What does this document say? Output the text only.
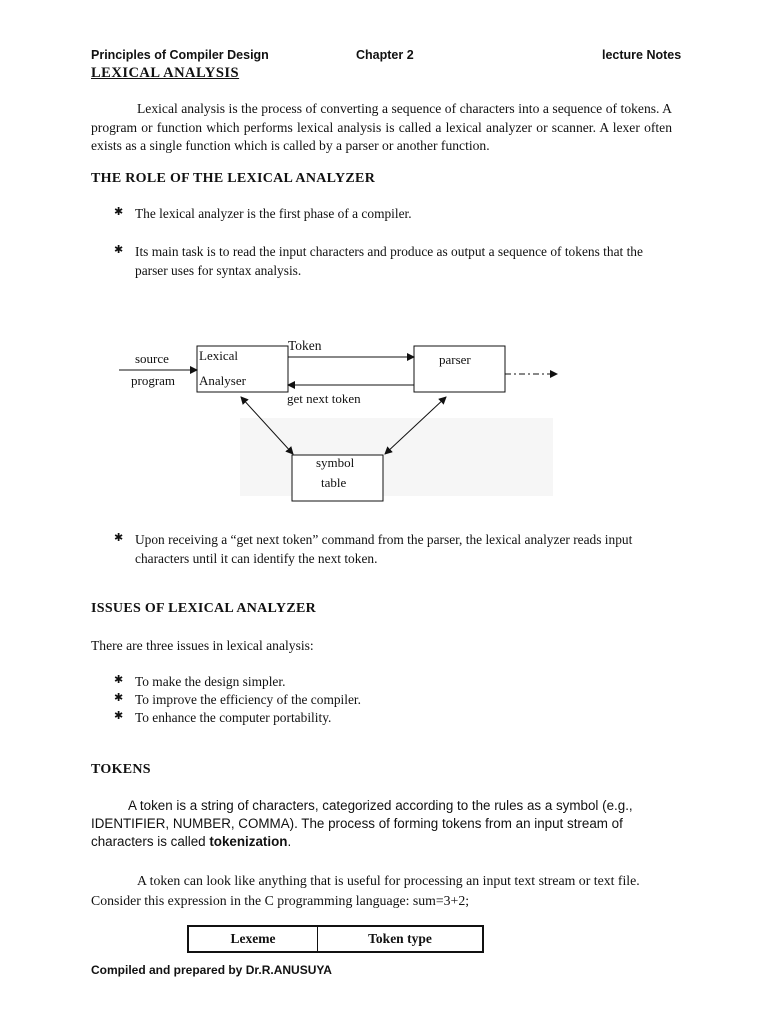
Principles of Compiler Design	Chapter 2	lecture Notes
LEXICAL ANALYSIS
Lexical analysis is the process of converting a sequence of characters into a sequence of tokens. A program or function which performs lexical analysis is called a lexical analyzer or scanner. A lexer often exists as a single function which is called by a parser or another function.
THE ROLE OF THE LEXICAL ANALYZER
✱ The lexical analyzer is the first phase of a compiler.
✱ Its main task is to read the input characters and produce as output a sequence of tokens that the parser uses for syntax analysis.
source
program
Lexical
Analyser
Token
get next token
parser
symbol
table
✱ Upon receiving a “get next token” command from the parser, the lexical analyzer reads input characters until it can identify the next token.
ISSUES OF LEXICAL ANALYZER
There are three issues in lexical analysis:
✱ To make the design simpler.
✱ To improve the efficiency of the compiler.
✱ To enhance the computer portability.
TOKENS
A token is a string of characters, categorized according to the rules as a symbol (e.g., IDENTIFIER, NUMBER, COMMA). The process of forming tokens from an input stream of characters is called tokenization.
A token can look like anything that is useful for processing an input text stream or text file. Consider this expression in the C programming language: sum=3+2;
Lexeme	Token type
Compiled and prepared by Dr.R.ANUSUYA
